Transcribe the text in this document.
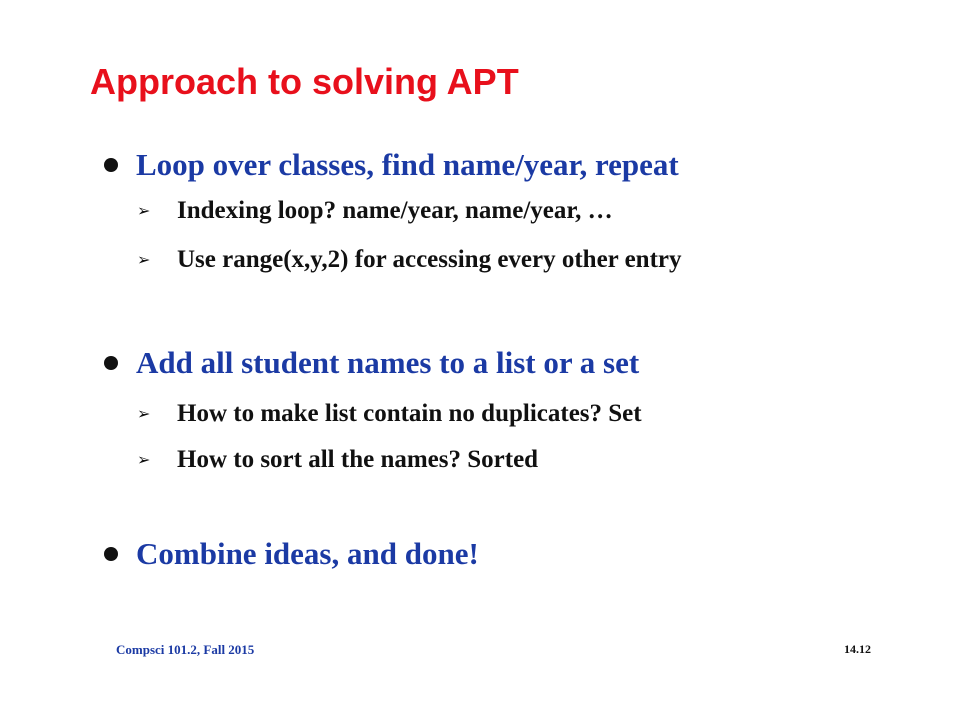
Approach to solving APT
Loop over classes, find name/year, repeat
➢ Indexing loop? name/year, name/year, …
➢ Use range(x,y,2) for accessing every other entry
Add all student names to a list or a set
➢ How to make list contain no duplicates? Set
➢ How to sort all the names? Sorted
Combine ideas, and done!
Compsci 101.2, Fall 2015	14.12
